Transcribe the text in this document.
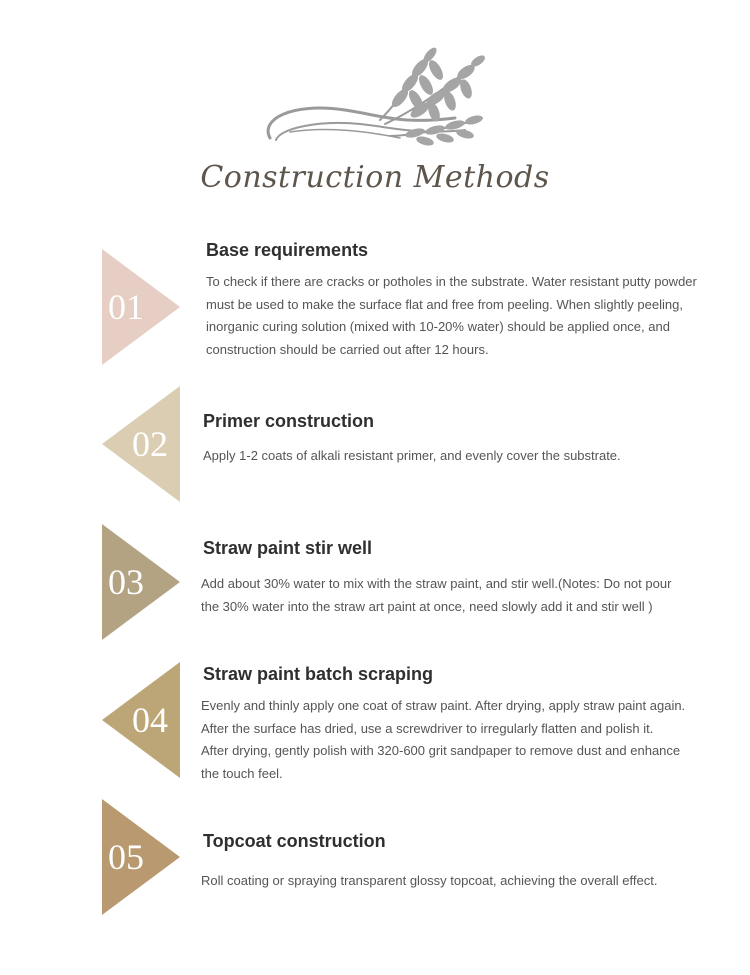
Construction Methods
01
Base requirements
To check if there are cracks or potholes in the substrate. Water resistant putty powder
must be used to make the surface flat and free from peeling. When slightly peeling,
inorganic curing solution (mixed with 10-20% water) should be applied once, and
construction should be carried out after 12 hours.
02
Primer construction
Apply 1-2 coats of alkali resistant primer, and evenly cover the substrate.
03
Straw paint stir well
Add about 30% water to mix with the straw paint, and stir well.(Notes: Do not pour
the 30% water into the straw art paint at once, need slowly add it and stir well )
04
Straw paint batch scraping
Evenly and thinly apply one coat of straw paint. After drying, apply straw paint again.
After the surface has dried, use a screwdriver to irregularly flatten and polish it.
After drying, gently polish with 320-600 grit sandpaper to remove dust and enhance
the touch feel.
05	Topcoat construction
Roll coating or spraying transparent glossy topcoat, achieving the overall effect.
